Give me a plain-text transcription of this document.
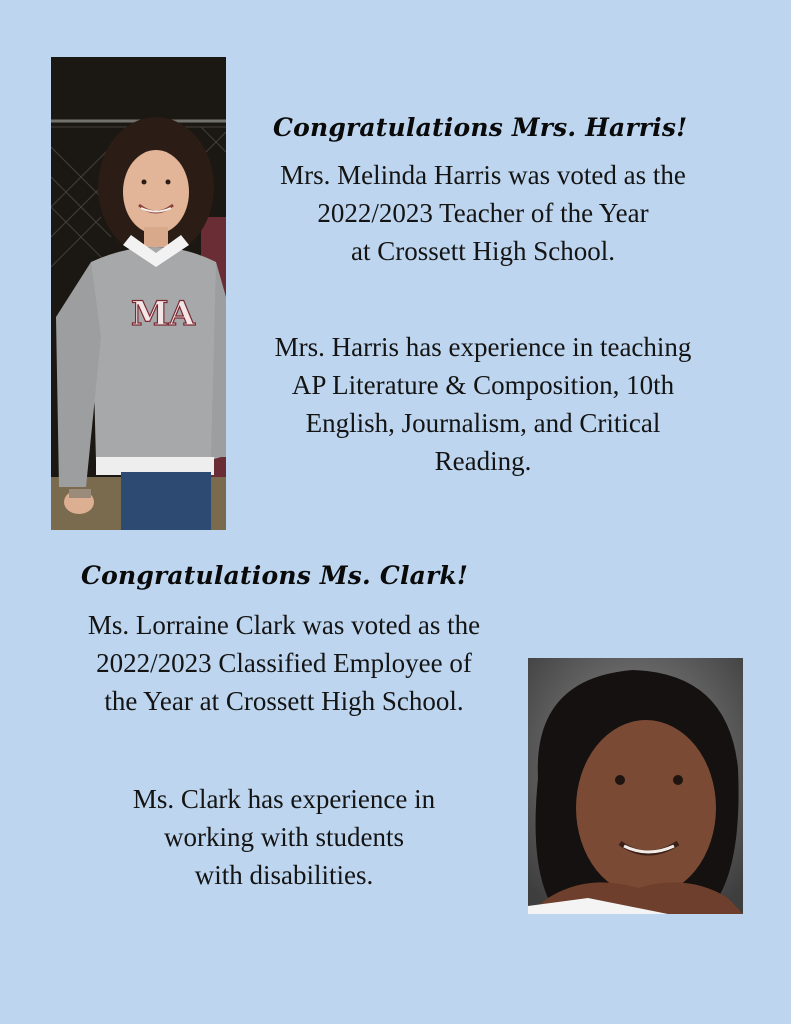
MA
Congratulations Mrs. Harris!
Mrs. Melinda Harris was voted as the
2022/2023 Teacher of the Year
at Crossett High School.
Mrs. Harris has experience in teaching
AP Literature & Composition, 10th
English, Journalism, and Critical
Reading.
Congratulations Ms. Clark!
Ms. Lorraine Clark was voted as the
2022/2023 Classified Employee of
the Year at Crossett High School.
Ms. Clark has experience in
working with students
with disabilities.
